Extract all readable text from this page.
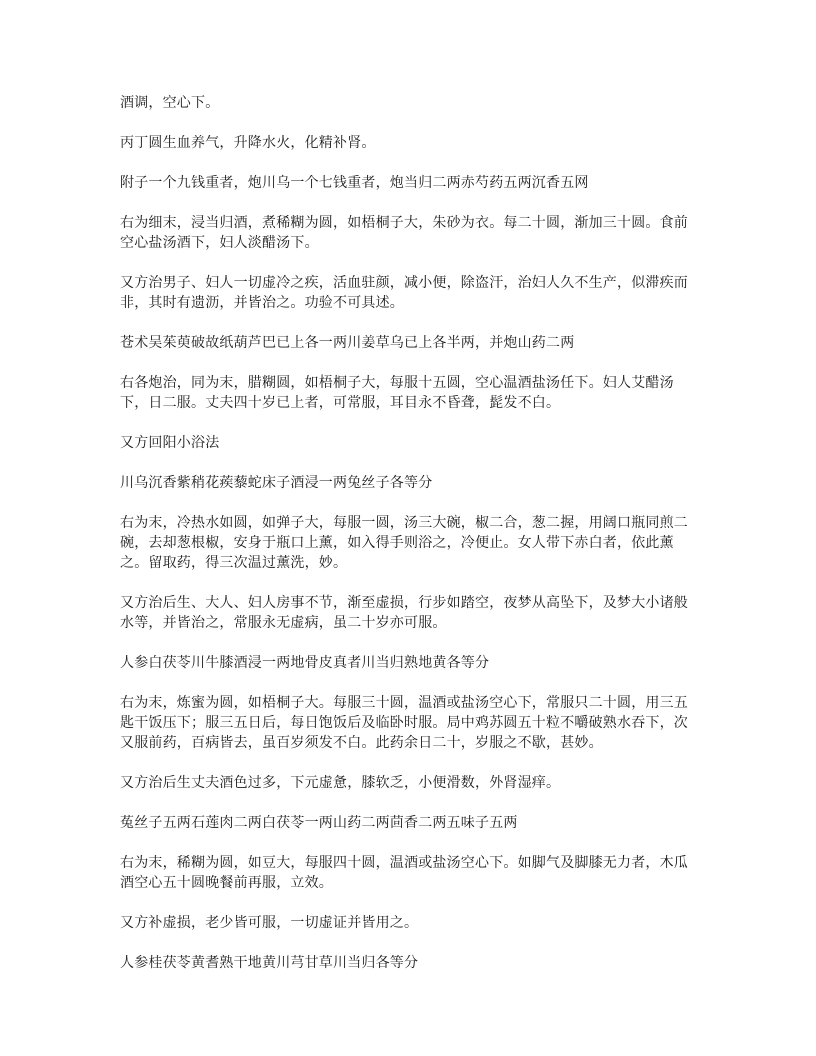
酒调，空心下。

丙丁圆生血养气，升降水火，化精补肾。

附子一个九钱重者，炮川乌一个七钱重者，炮当归二两赤芍药五两沉香五网

右为细末，浸当归酒，煮稀糊为圆，如梧桐子大，朱砂为衣。每二十圆，渐加三十圆。食前空心盐汤酒下，妇人淡醋汤下。

又方治男子、妇人一切虚冷之疾，活血驻颜，减小便，除盗汗，治妇人久不生产，似滞疾而非，其时有遗沥，并皆治之。功验不可具述。

苍术吴茱萸破故纸葫芦巴已上各一两川姜草乌已上各半两，并炮山药二两

右各炮治，同为末，腊糊圆，如梧桐子大，每服十五圆，空心温酒盐汤任下。妇人艾醋汤下，日二服。丈夫四十岁已上者，可常服，耳目永不昏聋，髭发不白。

又方回阳小浴法

川乌沉香紫稍花蒺藜蛇床子酒浸一两兔丝子各等分

右为末，冷热水如圆，如弹子大，每服一圆，汤三大碗，椒二合，葱二握，用阔口瓶同煎二碗，去却葱根椒，安身于瓶口上薰，如入得手则浴之，冷便止。女人带下赤白者，依此薰之。留取药，得三次温过薰洗，妙。

又方治后生、大人、妇人房事不节，渐至虚损，行步如踏空，夜梦从高坠下，及梦大小诸般水等，并皆治之，常服永无虚病，虽二十岁亦可服。

人参白茯苓川牛膝酒浸一两地骨皮真者川当归熟地黄各等分

右为末，炼蜜为圆，如梧桐子大。每服三十圆，温酒或盐汤空心下，常服只二十圆，用三五匙干饭压下；服三五日后，每日饱饭后及临卧时服。局中鸡苏圆五十粒不嚼破熟水吞下，次又服前药，百病皆去，虽百岁须发不白。此药余日二十，岁服之不歇，甚妙。

又方治后生丈夫酒色过多，下元虚惫，膝软乏，小便滑数，外肾湿痒。

菟丝子五两石莲肉二两白茯苓一两山药二两茴香二两五味子五两

右为末，稀糊为圆，如豆大，每服四十圆，温酒或盐汤空心下。如脚气及脚膝无力者，木瓜酒空心五十圆晚餐前再服，立效。

又方补虚损，老少皆可服，一切虚证并皆用之。

人参桂茯苓黄耆熟干地黄川芎甘草川当归各等分
